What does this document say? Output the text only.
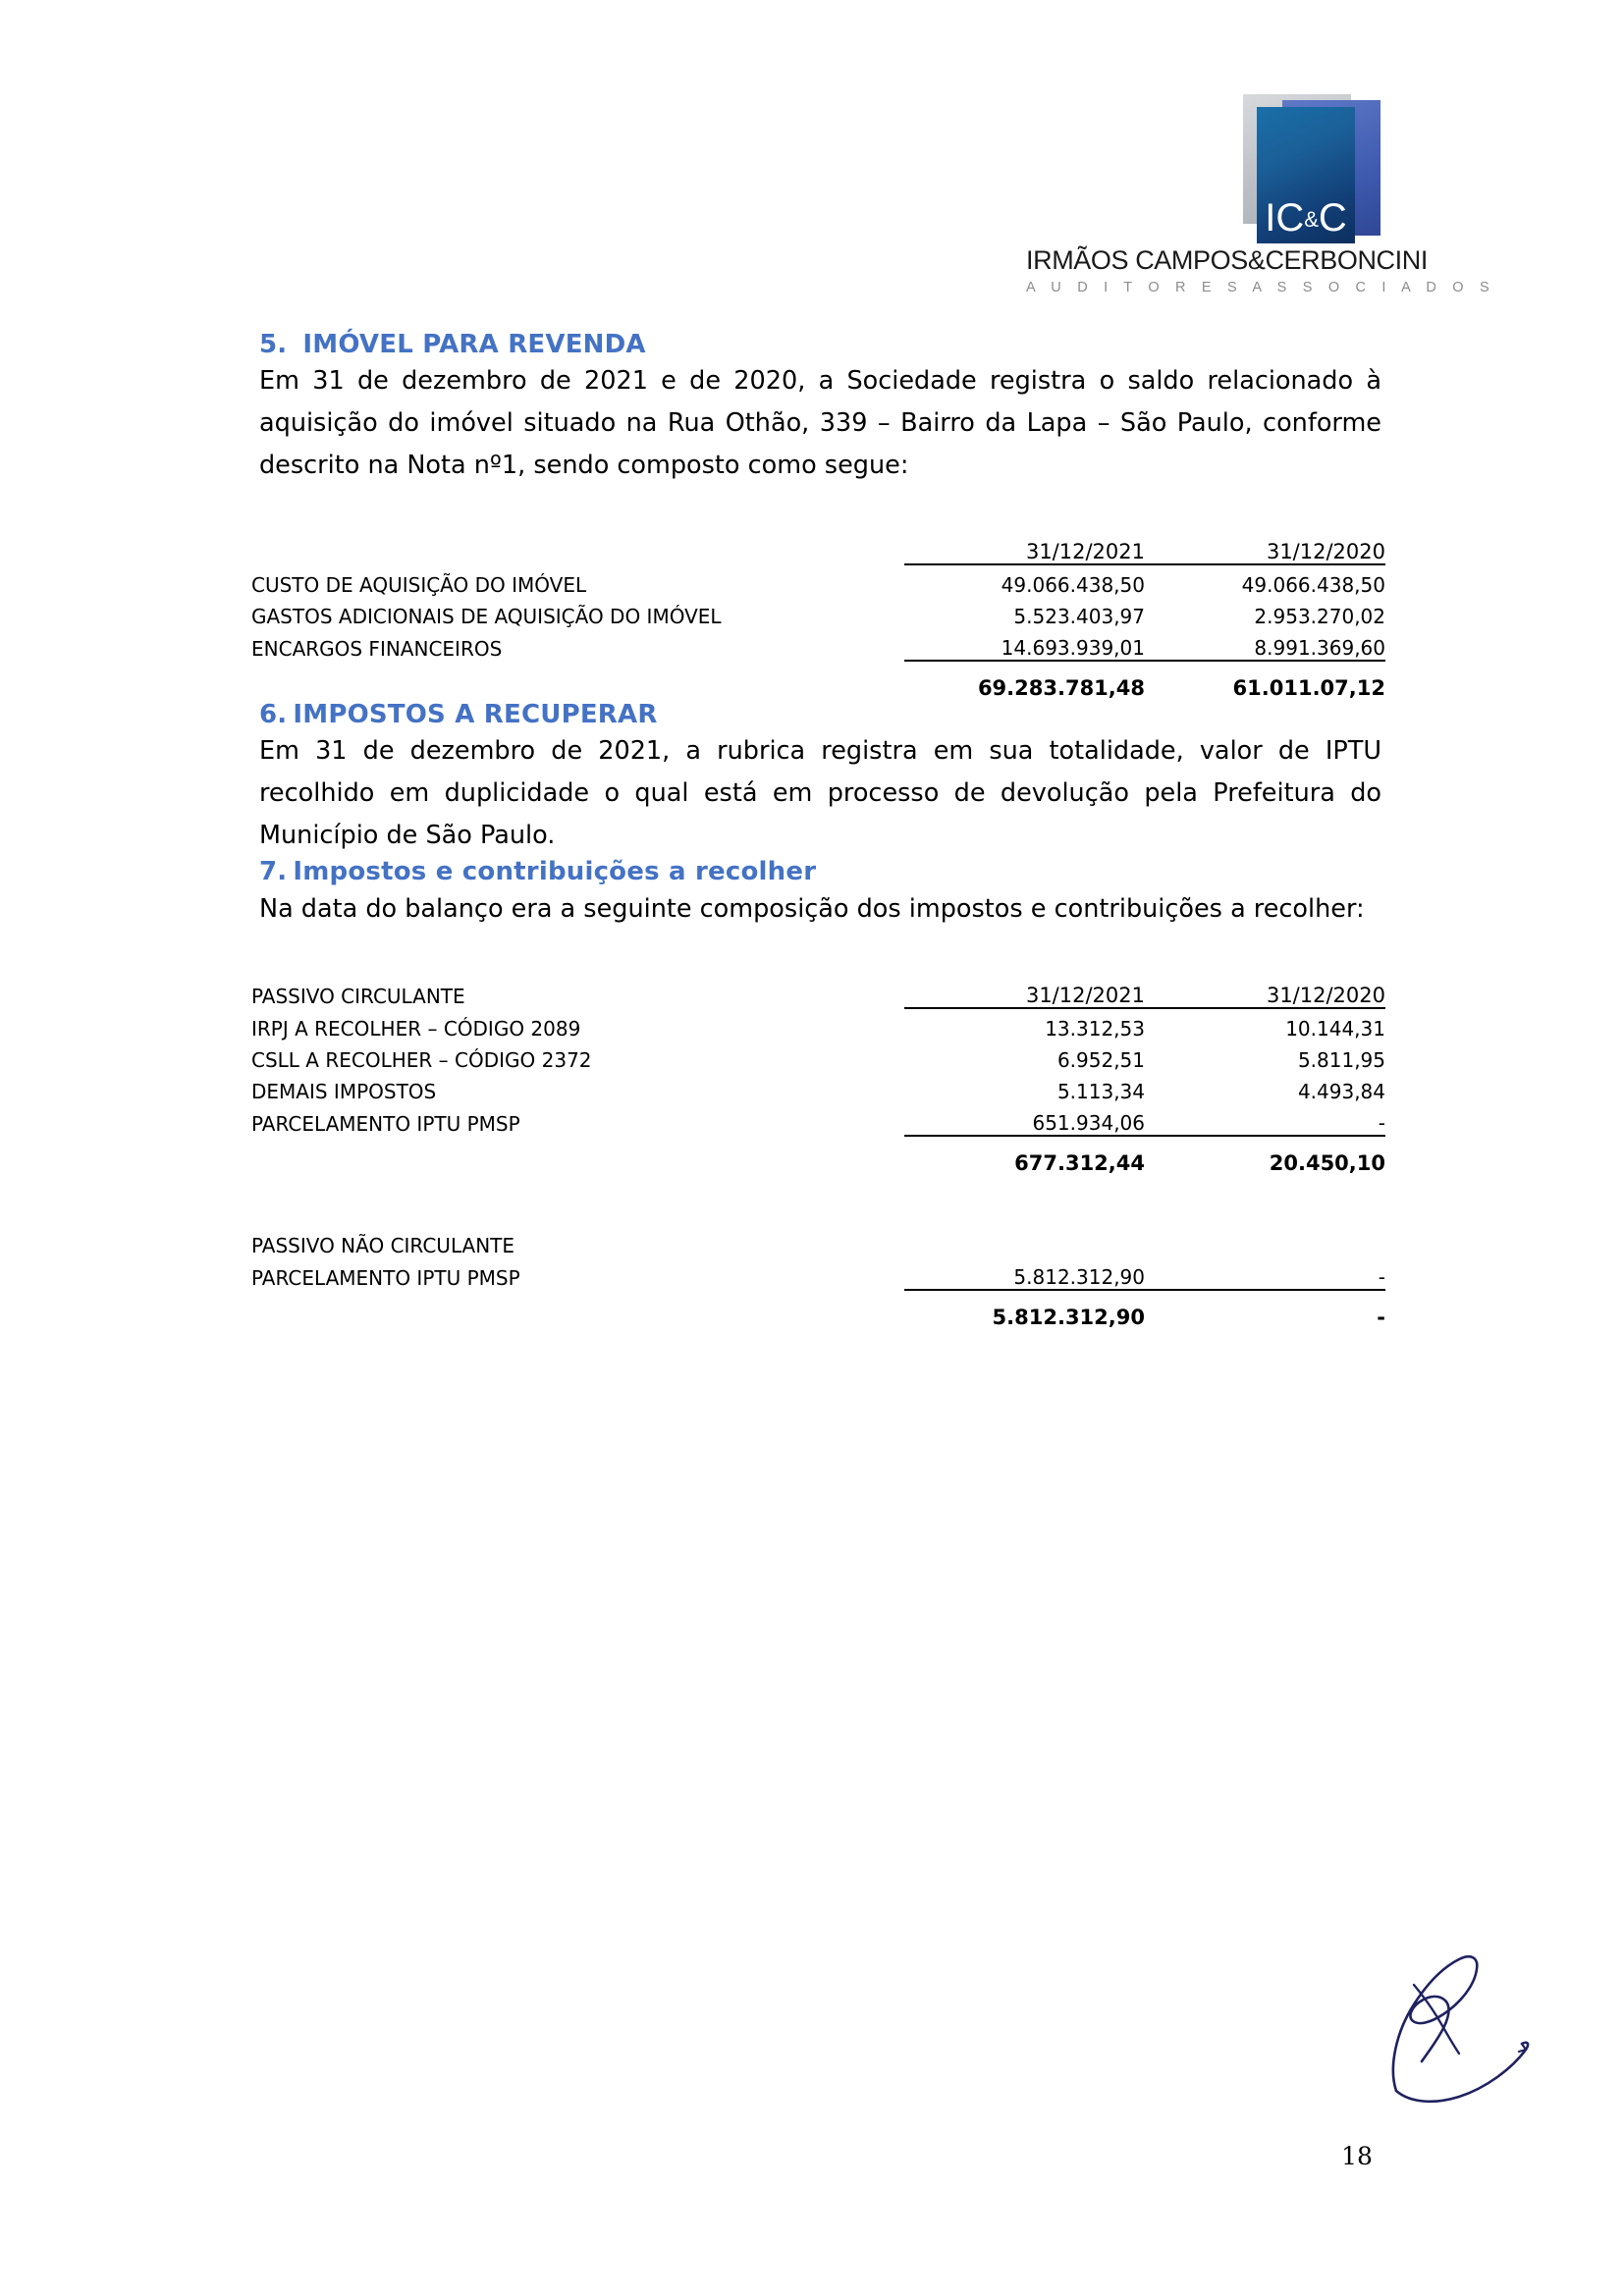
IC&C
IRMÃOS CAMPOS&CERBONCINI
A U D I T O R E S A S S O C I A D O S
5. IMÓVEL PARA REVENDA

Em 31 de dezembro de 2021 e de 2020, a Sociedade registra o saldo relacionado à aquisição do imóvel situado na Rua Othão, 339 – Bairro da Lapa – São Paulo, conforme descrito na Nota nº1, sendo composto como segue:

	31/12/2021	31/12/2020
CUSTO DE AQUISIÇÃO DO IMÓVEL	49.066.438,50	49.066.438,50
GASTOS ADICIONAIS DE AQUISIÇÃO DO IMÓVEL	5.523.403,97	2.953.270,02
ENCARGOS FINANCEIROS	14.693.939,01	8.991.369,60
	69.283.781,48	61.011.07,12
6. IMPOSTOS A RECUPERAR

Em 31 de dezembro de 2021, a rubrica registra em sua totalidade, valor de IPTU recolhido em duplicidade o qual está em processo de devolução pela Prefeitura do Município de São Paulo.

7. Impostos e contribuições a recolher

Na data do balanço era a seguinte composição dos impostos e contribuições a recolher:

PASSIVO CIRCULANTE	31/12/2021	31/12/2020
IRPJ A RECOLHER – CÓDIGO 2089	13.312,53	10.144,31
CSLL A RECOLHER – CÓDIGO 2372	6.952,51	5.811,95
DEMAIS IMPOSTOS	5.113,34	4.493,84
PARCELAMENTO IPTU PMSP	651.934,06	-
	677.312,44	20.450,10

PASSIVO NÃO CIRCULANTE		
PARCELAMENTO IPTU PMSP	5.812.312,90	-
	5.812.312,90	-
18
